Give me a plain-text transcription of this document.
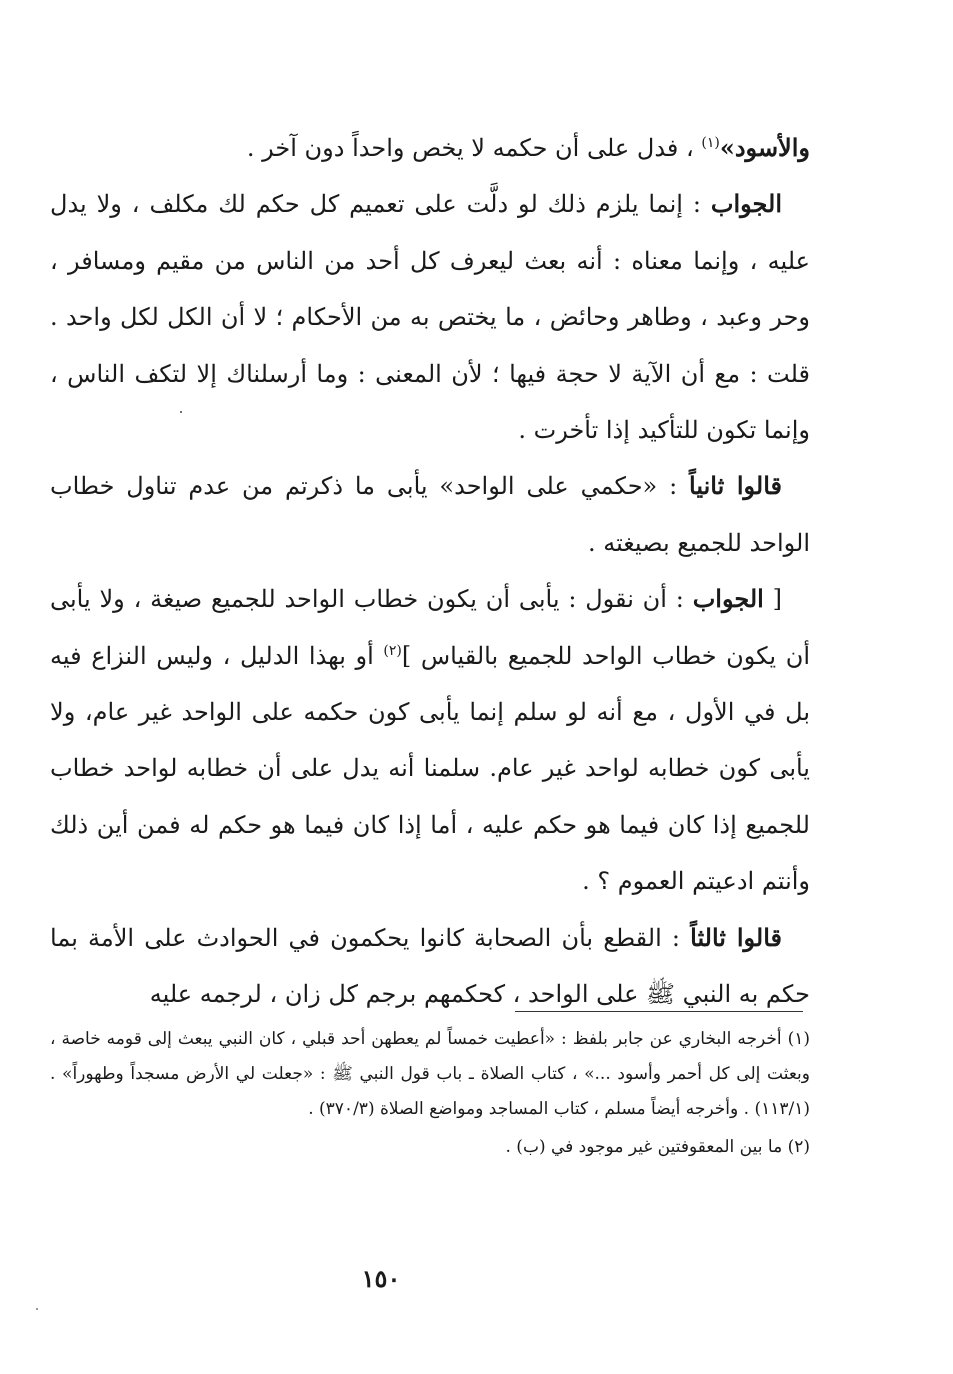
والأسود»$^{(١)}$ ، فدل على أن حكمه لا يخص واحداً دون آخر .

الجواب : إنما يلزم ذلك لو دلَّت على تعميم كل حكم لك مكلف ، ولا يدل عليه ، وإنما معناه : أنه بعث ليعرف كل أحد من الناس من مقيم ومسافر ، وحر وعبد ، وطاهر وحائض ، ما يختص به من الأحكام ؛ لا أن الكل لكل واحد . قلت : مع أن الآية لا حجة فيها ؛ لأن المعنى : وما أرسلناك إلا لتكف الناس ، وإنما تكون للتأكيد إذا تأخرت .

قالوا ثانياً : «حكمي على الواحد» يأبى ما ذكرتم من عدم تناول خطاب الواحد للجميع بصيغته .

[ الجواب : أن نقول : يأبى أن يكون خطاب الواحد للجميع صيغة ، ولا يأبى أن يكون خطاب الواحد للجميع بالقياس ]$^{(٢)}$ أو بهذا الدليل ، وليس النزاع فيه بل في الأول ، مع أنه لو سلم إنما يأبى كون حكمه على الواحد غير عام، ولا يأبى كون خطابه لواحد غير عام. سلمنا أنه يدل على أن خطابه لواحد خطاب للجميع إذا كان فيما هو حكم عليه ، أما إذا كان فيما هو حكم له فمن أين ذلك وأنتم ادعيتم العموم ؟ .

قالوا ثالثاً : القطع بأن الصحابة كانوا يحكمون في الحوادث على الأمة بما حكم به النبي ﷺ على الواحد ، كحكمهم برجم كل زان ، لرجمه عليه

(١) أخرجه البخاري عن جابر بلفظ : «أعطيت خمساً لم يعطهن أحد قبلي ، كان النبي يبعث إلى قومه خاصة ، وبعثت إلى كل أحمر وأسود ...» ، كتاب الصلاة ـ باب قول النبي ﷺ : «جعلت لي الأرض مسجداً وطهوراً» . (١١٣/١) . وأخرجه أيضاً مسلم ، كتاب المساجد ومواضع الصلاة (٣٧٠/٣) .

(٢) ما بين المعقوفتين غير موجود في (ب) .

١٥٠
